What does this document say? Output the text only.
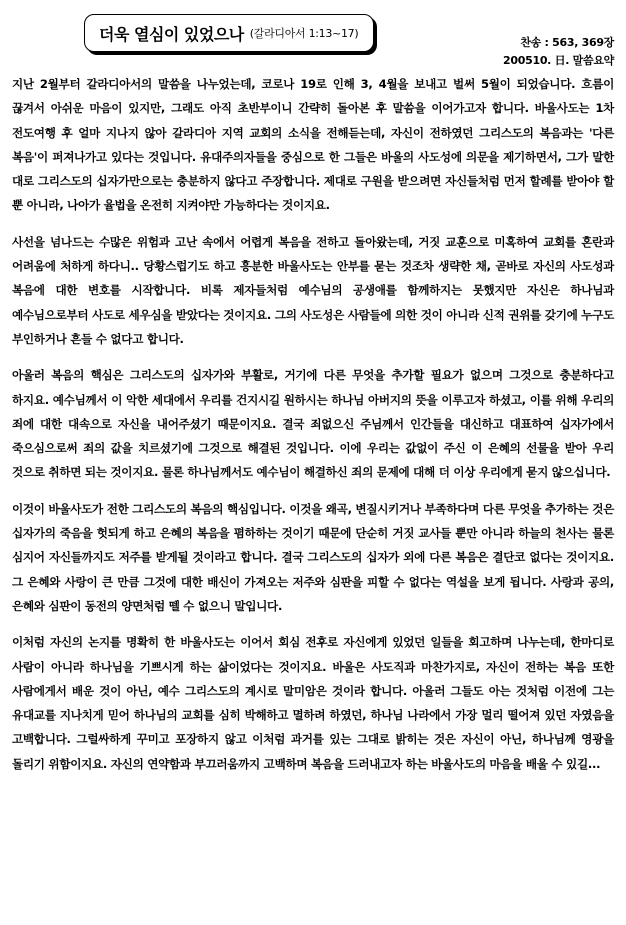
더욱 열심이 있었으나 (갈라디아서 1:13~17)
찬송 : 563, 369장
200510. 日. 말씀요약

지난 2월부터 갈라디아서의 말씀을 나누었는데, 코로나 19로 인해 3, 4월을 보내고 벌써 5월이 되었습니다. 흐름이 끊겨서 아쉬운 마음이 있지만, 그래도 아직 초반부이니 간략히 돌아본 후 말씀을 이어가고자 합니다. 바울사도는 1차 전도여행 후 얼마 지나지 않아 갈라디아 지역 교회의 소식을 전해듣는데, 자신이 전하였던 그리스도의 복음과는 '다른 복음'이 퍼져나가고 있다는 것입니다. 유대주의자들을 중심으로 한 그들은 바울의 사도성에 의문을 제기하면서, 그가 말한 대로 그리스도의 십자가만으로는 충분하지 않다고 주장합니다. 제대로 구원을 받으려면 자신들처럼 먼저 할례를 받아야 할 뿐 아니라, 나아가 율법을 온전히 지켜야만 가능하다는 것이지요.

사선을 넘나드는 수많은 위험과 고난 속에서 어렵게 복음을 전하고 돌아왔는데, 거짓 교훈으로 미혹하여 교회를 혼란과 어려움에 처하게 하다니.. 당황스럽기도 하고 흥분한 바울사도는 안부를 묻는 것조차 생략한 채, 곧바로 자신의 사도성과 복음에 대한 변호를 시작합니다. 비록 제자들처럼 예수님의 공생애를 함께하지는 못했지만 자신은 하나님과 예수님으로부터 사도로 세우심을 받았다는 것이지요. 그의 사도성은 사람들에 의한 것이 아니라 신적 권위를 갖기에 누구도 부인하거나 흔들 수 없다고 합니다.

아울러 복음의 핵심은 그리스도의 십자가와 부활로, 거기에 다른 무엇을 추가할 필요가 없으며 그것으로 충분하다고 하지요. 예수님께서 이 악한 세대에서 우리를 건지시길 원하시는 하나님 아버지의 뜻을 이루고자 하셨고, 이를 위해 우리의 죄에 대한 대속으로 자신을 내어주셨기 때문이지요. 결국 죄없으신 주님께서 인간들을 대신하고 대표하여 십자가에서 죽으심으로써 죄의 값을 치르셨기에 그것으로 해결된 것입니다. 이에 우리는 값없이 주신 이 은혜의 선물을 받아 우리 것으로 취하면 되는 것이지요. 물론 하나님께서도 예수님이 해결하신 죄의 문제에 대해 더 이상 우리에게 묻지 않으십니다.

이것이 바울사도가 전한 그리스도의 복음의 핵심입니다. 이것을 왜곡, 변질시키거나 부족하다며 다른 무엇을 추가하는 것은 십자가의 죽음을 헛되게 하고 은혜의 복음을 폄하하는 것이기 때문에 단순히 거짓 교사들 뿐만 아니라 하늘의 천사는 물론 심지어 자신들까지도 저주를 받게될 것이라고 합니다. 결국 그리스도의 십자가 외에 다른 복음은 결단코 없다는 것이지요. 그 은혜와 사랑이 큰 만큼 그것에 대한 배신이 가져오는 저주와 심판을 피할 수 없다는 역설을 보게 됩니다. 사랑과 공의, 은혜와 심판이 동전의 양면처럼 뗄 수 없으니 말입니다.

이처럼 자신의 논지를 명확히 한 바울사도는 이어서 회심 전후로 자신에게 있었던 일들을 회고하며 나누는데, 한마디로 사람이 아니라 하나님을 기쁘시게 하는 삶이었다는 것이지요. 바울은 사도직과 마찬가지로, 자신이 전하는 복음 또한 사람에게서 배운 것이 아닌, 예수 그리스도의 계시로 말미암은 것이라 합니다. 아울러 그들도 아는 것처럼 이전에 그는 유대교를 지나치게 믿어 하나님의 교회를 심히 박해하고 멸하려 하였던, 하나님 나라에서 가장 멀리 떨어져 있던 자였음을 고백합니다. 그럴싸하게 꾸미고 포장하지 않고 이처럼 과거를 있는 그대로 밝히는 것은 자신이 아닌, 하나님께 영광을 돌리기 위함이지요. 자신의 연약함과 부끄러움까지 고백하며 복음을 드러내고자 하는 바울사도의 마음을 배울 수 있길...
